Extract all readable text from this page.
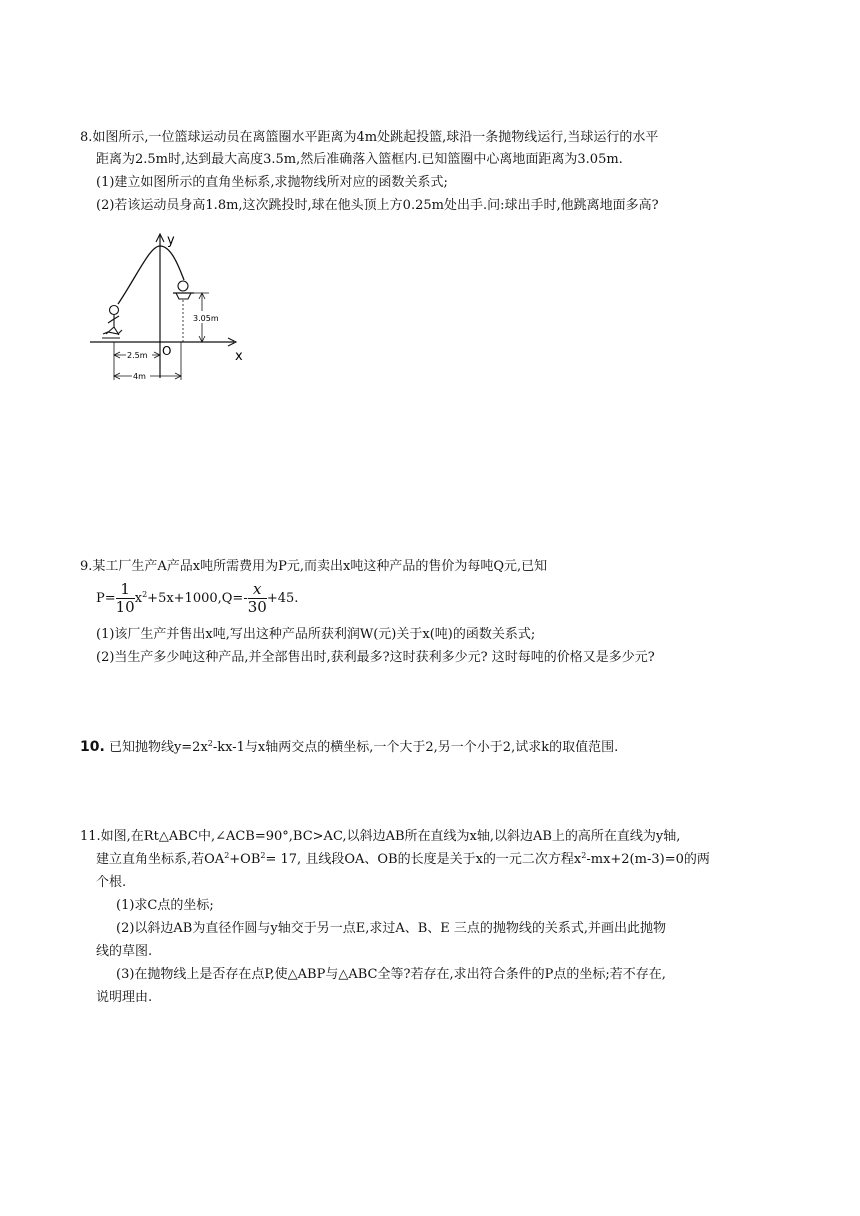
8.如图所示,一位篮球运动员在离篮圈水平距离为4m处跳起投篮,球沿一条抛物线运行,当球运行的水平
距离为2.5m时,达到最大高度3.5m,然后准确落入篮框内.已知篮圈中心离地面距离为3.05m.
(1)建立如图所示的直角坐标系,求抛物线所对应的函数关系式;
(2)若该运动员身高1.8m,这次跳投时,球在他头顶上方0.25m处出手.问:球出手时,他跳离地面多高?
y
x
O
3.05m
2.5m
4m
9.某工厂生产A产品x吨所需费用为P元,而卖出x吨这种产品的售价为每吨Q元,已知
$P= \frac{1}{10} x^2+5x+1000,Q=- \frac{x}{30} +45$.
(1)该厂生产并售出x吨,写出这种产品所获利润W(元)关于x(吨)的函数关系式;
(2)当生产多少吨这种产品,并全部售出时,获利最多?这时获利多少元? 这时每吨的价格又是多少元?
10. 已知抛物线$y=2x^2-kx-1$与x轴两交点的横坐标,一个大于2,另一个小于2,试求k的取值范围.
11.如图,在Rt△ABC中,∠ACB=90°,BC>AC,以斜边AB所在直线为x轴,以斜边AB上的高所在直线为y轴,
建立直角坐标系,若$OA^2+OB^2= 17$, 且线段OA、OB的长度是关于x的一元二次方程$x^2-mx+2(m-3)=0$的两
个根.
(1)求C点的坐标;
(2)以斜边AB为直径作圆与y轴交于另一点E,求过A、B、E 三点的抛物线的关系式,并画出此抛物
线的草图.
(3)在抛物线上是否存在点P,使△ABP与△ABC全等?若存在,求出符合条件的P点的坐标;若不存在,
说明理由.
